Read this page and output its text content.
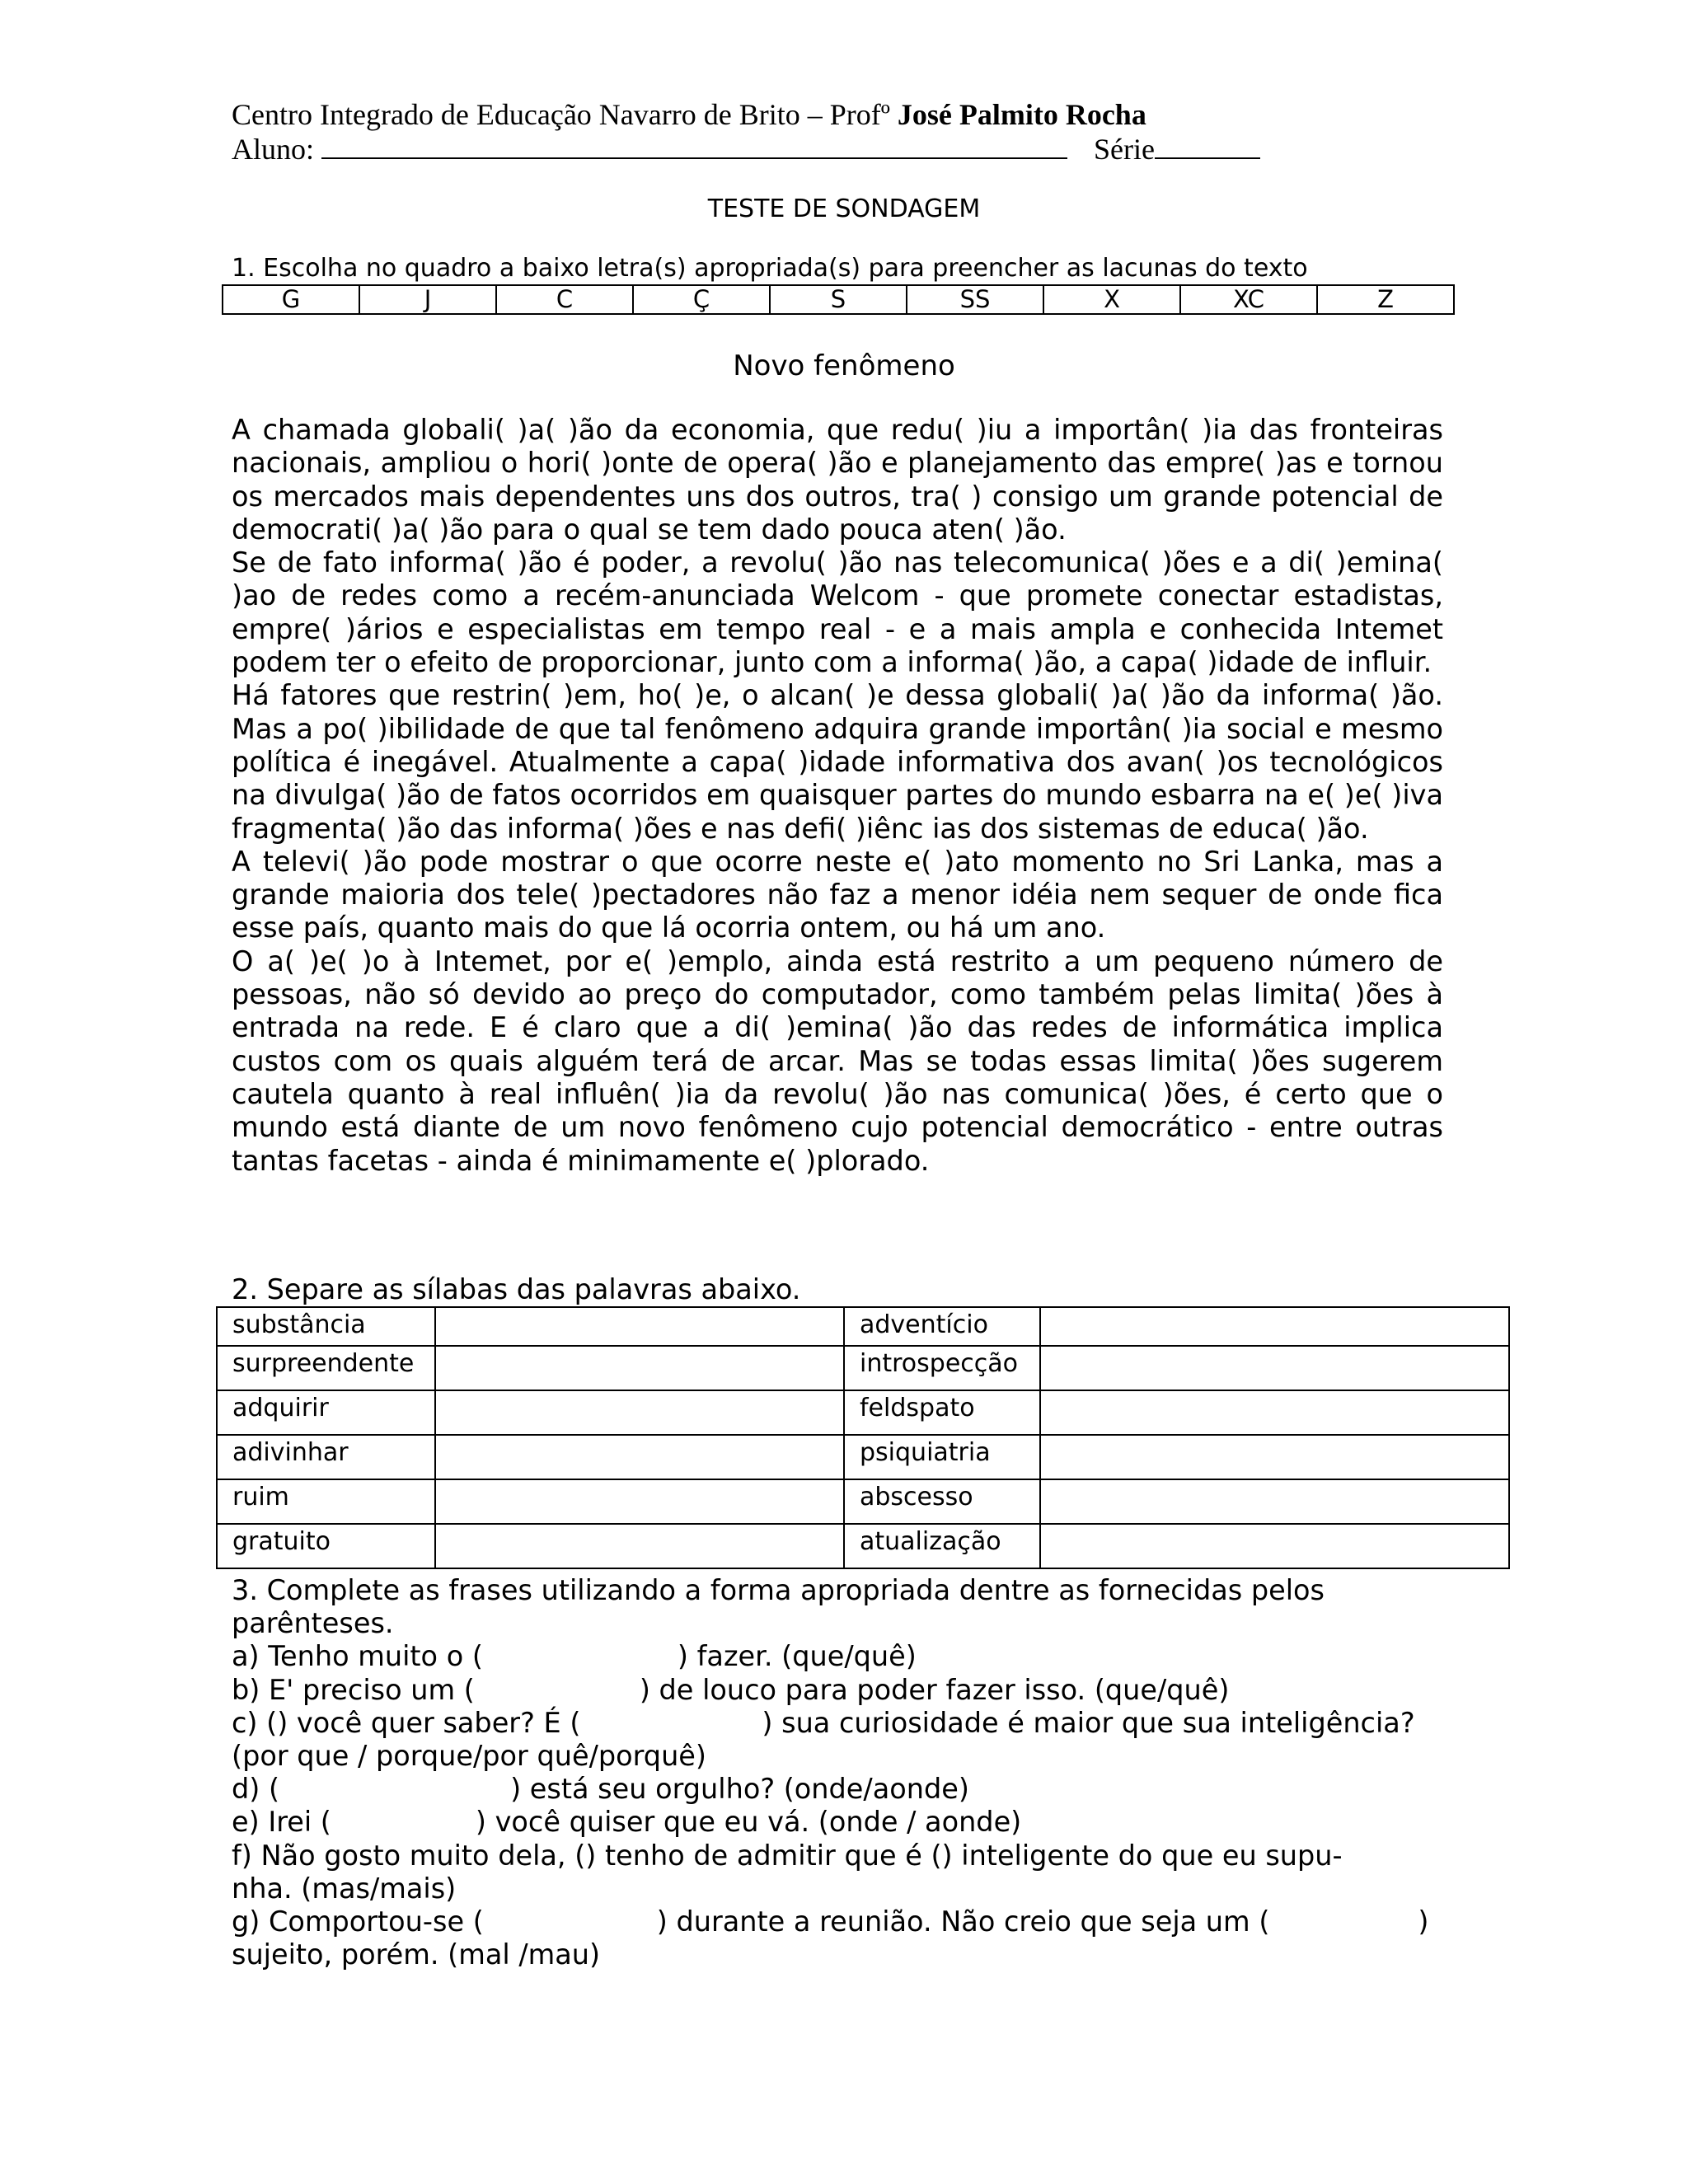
Centro Integrado de Educação Navarro de Brito – Profº José Palmito Rocha
Aluno:	Série
TESTE DE SONDAGEM
1. Escolha no quadro a baixo letra(s) apropriada(s) para preencher as lacunas do texto
G	J	C	Ç	S	SS	X	XC	Z
Novo fenômeno

A chamada globali( )a( )ão da economia, que redu( )iu a importân( )ia das fronteiras nacionais, ampliou o hori( )onte de opera( )ão e planejamento das empre( )as e tornou os mercados mais dependentes uns dos outros, tra( ) consigo um grande potencial de democrati( )a( )ão para o qual se tem dado pouca aten( )ão.

Se de fato informa( )ão é poder, a revolu( )ão nas telecomunica( )ões e a di( )emina( )ao de redes como a recém-anunciada Welcom - que promete conectar estadistas, empre( )ários e especialistas em tempo real - e a mais ampla e conhecida Intemet podem ter o efeito de proporcionar, junto com a informa( )ão, a capa( )idade de influir.

Há fatores que restrin( )em, ho( )e, o alcan( )e dessa globali( )a( )ão da informa( )ão. Mas a po( )ibilidade de que tal fenômeno adquira grande importân( )ia social e mesmo política é inegável. Atualmente a capa( )idade informativa dos avan( )os tecnológicos na divulga( )ão de fatos ocorridos em quaisquer partes do mundo esbarra na e( )e( )iva fragmenta( )ão das informa( )ões e nas defi( )iênc ias dos sistemas de educa( )ão.

A televi( )ão pode mostrar o que ocorre neste e( )ato momento no Sri Lanka, mas a grande maioria dos tele( )pectadores não faz a menor idéia nem sequer de onde fica esse país, quanto mais do que lá ocorria ontem, ou há um ano.

O a( )e( )o à Intemet, por e( )emplo, ainda está restrito a um pequeno número de pessoas, não só devido ao preço do computador, como também pelas limita( )ões à entrada na rede. E é claro que a di( )emina( )ão das redes de informática implica custos com os quais alguém terá de arcar. Mas se todas essas limita( )ões sugerem cautela quanto à real influên( )ia da revolu( )ão nas comunica( )ões, é certo que o mundo está diante de um novo fenômeno cujo potencial democrático - entre outras tantas facetas - ainda é minimamente e( )plorado.

2. Separe as sílabas das palavras abaixo.
substância		adventício	
surpreendente		introspecção	
adquirir		feldspato	
adivinhar		psiquiatria	
ruim		abscesso	
gratuito		atualização	
3. Complete as frases utilizando a forma apropriada dentre as fornecidas pelos
parênteses.
a) Tenho muito o (	) fazer. (que/quê)
b) E' preciso um (	) de louco para poder fazer isso. (que/quê)
c) () você quer saber? É (	) sua curiosidade é maior que sua inteligência?
(por que / porque/por quê/porquê)
d) (	) está seu orgulho? (onde/aonde)
e) Irei (	) você quiser que eu vá. (onde / aonde)
f) Não gosto muito dela, () tenho de admitir que é () inteligente do que eu supu-
nha. (mas/mais)
g) Comportou-se (	) durante a reunião. Não creio que seja um (	)
sujeito, porém. (mal /mau)
